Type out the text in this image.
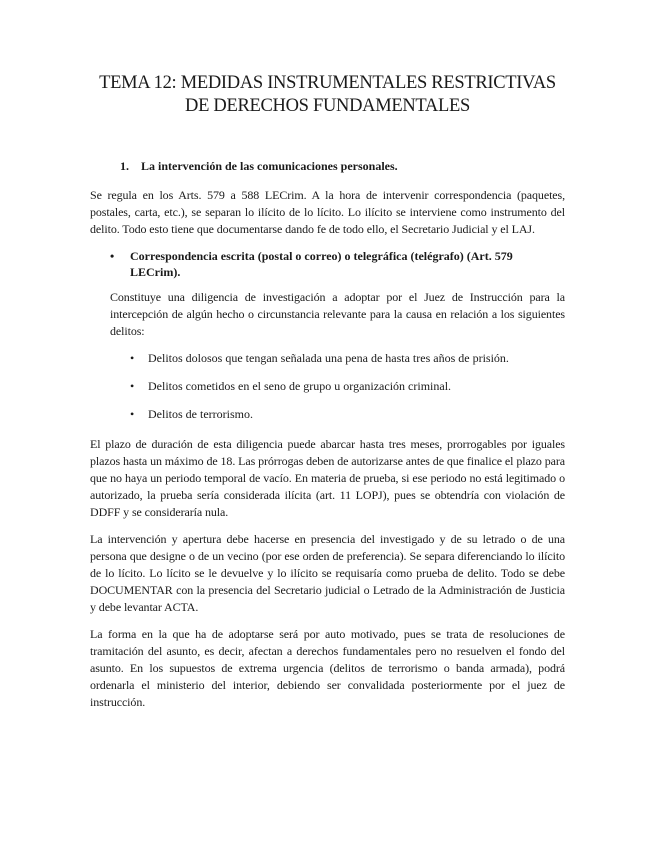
TEMA 12: MEDIDAS INSTRUMENTALES RESTRICTIVAS
DE DERECHOS FUNDAMENTALES
1. La intervención de las comunicaciones personales.

Se regula en los Arts. 579 a 588 LECrim. A la hora de intervenir correspondencia (paquetes, postales, carta, etc.), se separan lo ilícito de lo lícito. Lo ilícito se interviene como instrumento del delito. Todo esto tiene que documentarse dando fe de todo ello, el Secretario Judicial y el LAJ.

•	Correspondencia escrita (postal o correo) o telegráfica (telégrafo) (Art. 579 LECrim).

Constituye una diligencia de investigación a adoptar por el Juez de Instrucción para la intercepción de algún hecho o circunstancia relevante para la causa en relación a los siguientes delitos:

• Delitos dolosos que tengan señalada una pena de hasta tres años de prisión.
• Delitos cometidos en el seno de grupo u organización criminal.
• Delitos de terrorismo.

El plazo de duración de esta diligencia puede abarcar hasta tres meses, prorrogables por iguales plazos hasta un máximo de 18. Las prórrogas deben de autorizarse antes de que finalice el plazo para que no haya un periodo temporal de vacío. En materia de prueba, si ese periodo no está legitimado o autorizado, la prueba sería considerada ilícita (art. 11 LOPJ), pues se obtendría con violación de DDFF y se consideraría nula.

La intervención y apertura debe hacerse en presencia del investigado y de su letrado o de una persona que designe o de un vecino (por ese orden de preferencia). Se separa diferenciando lo ilícito de lo lícito. Lo lícito se le devuelve y lo ilícito se requisaría como prueba de delito. Todo se debe DOCUMENTAR con la presencia del Secretario judicial o Letrado de la Administración de Justicia y debe levantar ACTA.

La forma en la que ha de adoptarse será por auto motivado, pues se trata de resoluciones de tramitación del asunto, es decir, afectan a derechos fundamentales pero no resuelven el fondo del asunto. En los supuestos de extrema urgencia (delitos de terrorismo o banda armada), podrá ordenarla el ministerio del interior, debiendo ser convalidada posteriormente por el juez de instrucción.
